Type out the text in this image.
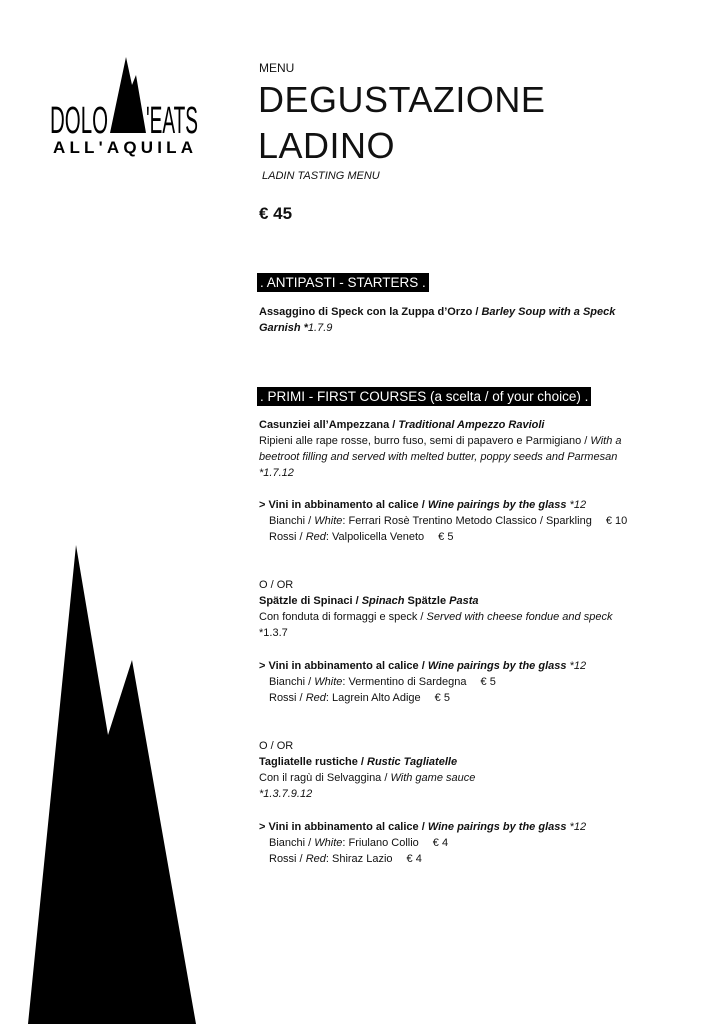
DOLO 'EATS
ALL'AQUILA
MENU
DEGUSTAZIONE
LADINO
LADIN TASTING MENU
€ 45
. ANTIPASTI - STARTERS .
Assaggino di Speck con la Zuppa d’Orzo / Barley Soup with a Speck
Garnish *1.7.9
. PRIMI - FIRST COURSES (a scelta / of your choice) .
Casunziei all’Ampezzana / Traditional Ampezzo Ravioli
Ripieni alle rape rosse, burro fuso, semi di papavero e Parmigiano / With a
beetroot filling and served with melted butter, poppy seeds and Parmesan
*1.7.12
> Vini in abbinamento al calice / Wine pairings by the glass *12
Bianchi / White: Ferrari Rosè Trentino Metodo Classico / Sparkling € 10
Rossi / Red: Valpolicella Veneto € 5
O / OR
Spätzle di Spinaci / Spinach Spätzle Pasta
Con fonduta di formaggi e speck / Served with cheese fondue and speck
*1.3.7
> Vini in abbinamento al calice / Wine pairings by the glass *12
Bianchi / White: Vermentino di Sardegna € 5
Rossi / Red: Lagrein Alto Adige € 5
O / OR
Tagliatelle rustiche / Rustic Tagliatelle
Con il ragù di Selvaggina / With game sauce
*1.3.7.9.12
> Vini in abbinamento al calice / Wine pairings by the glass *12
Bianchi / White: Friulano Collio € 4
Rossi / Red: Shiraz Lazio € 4
